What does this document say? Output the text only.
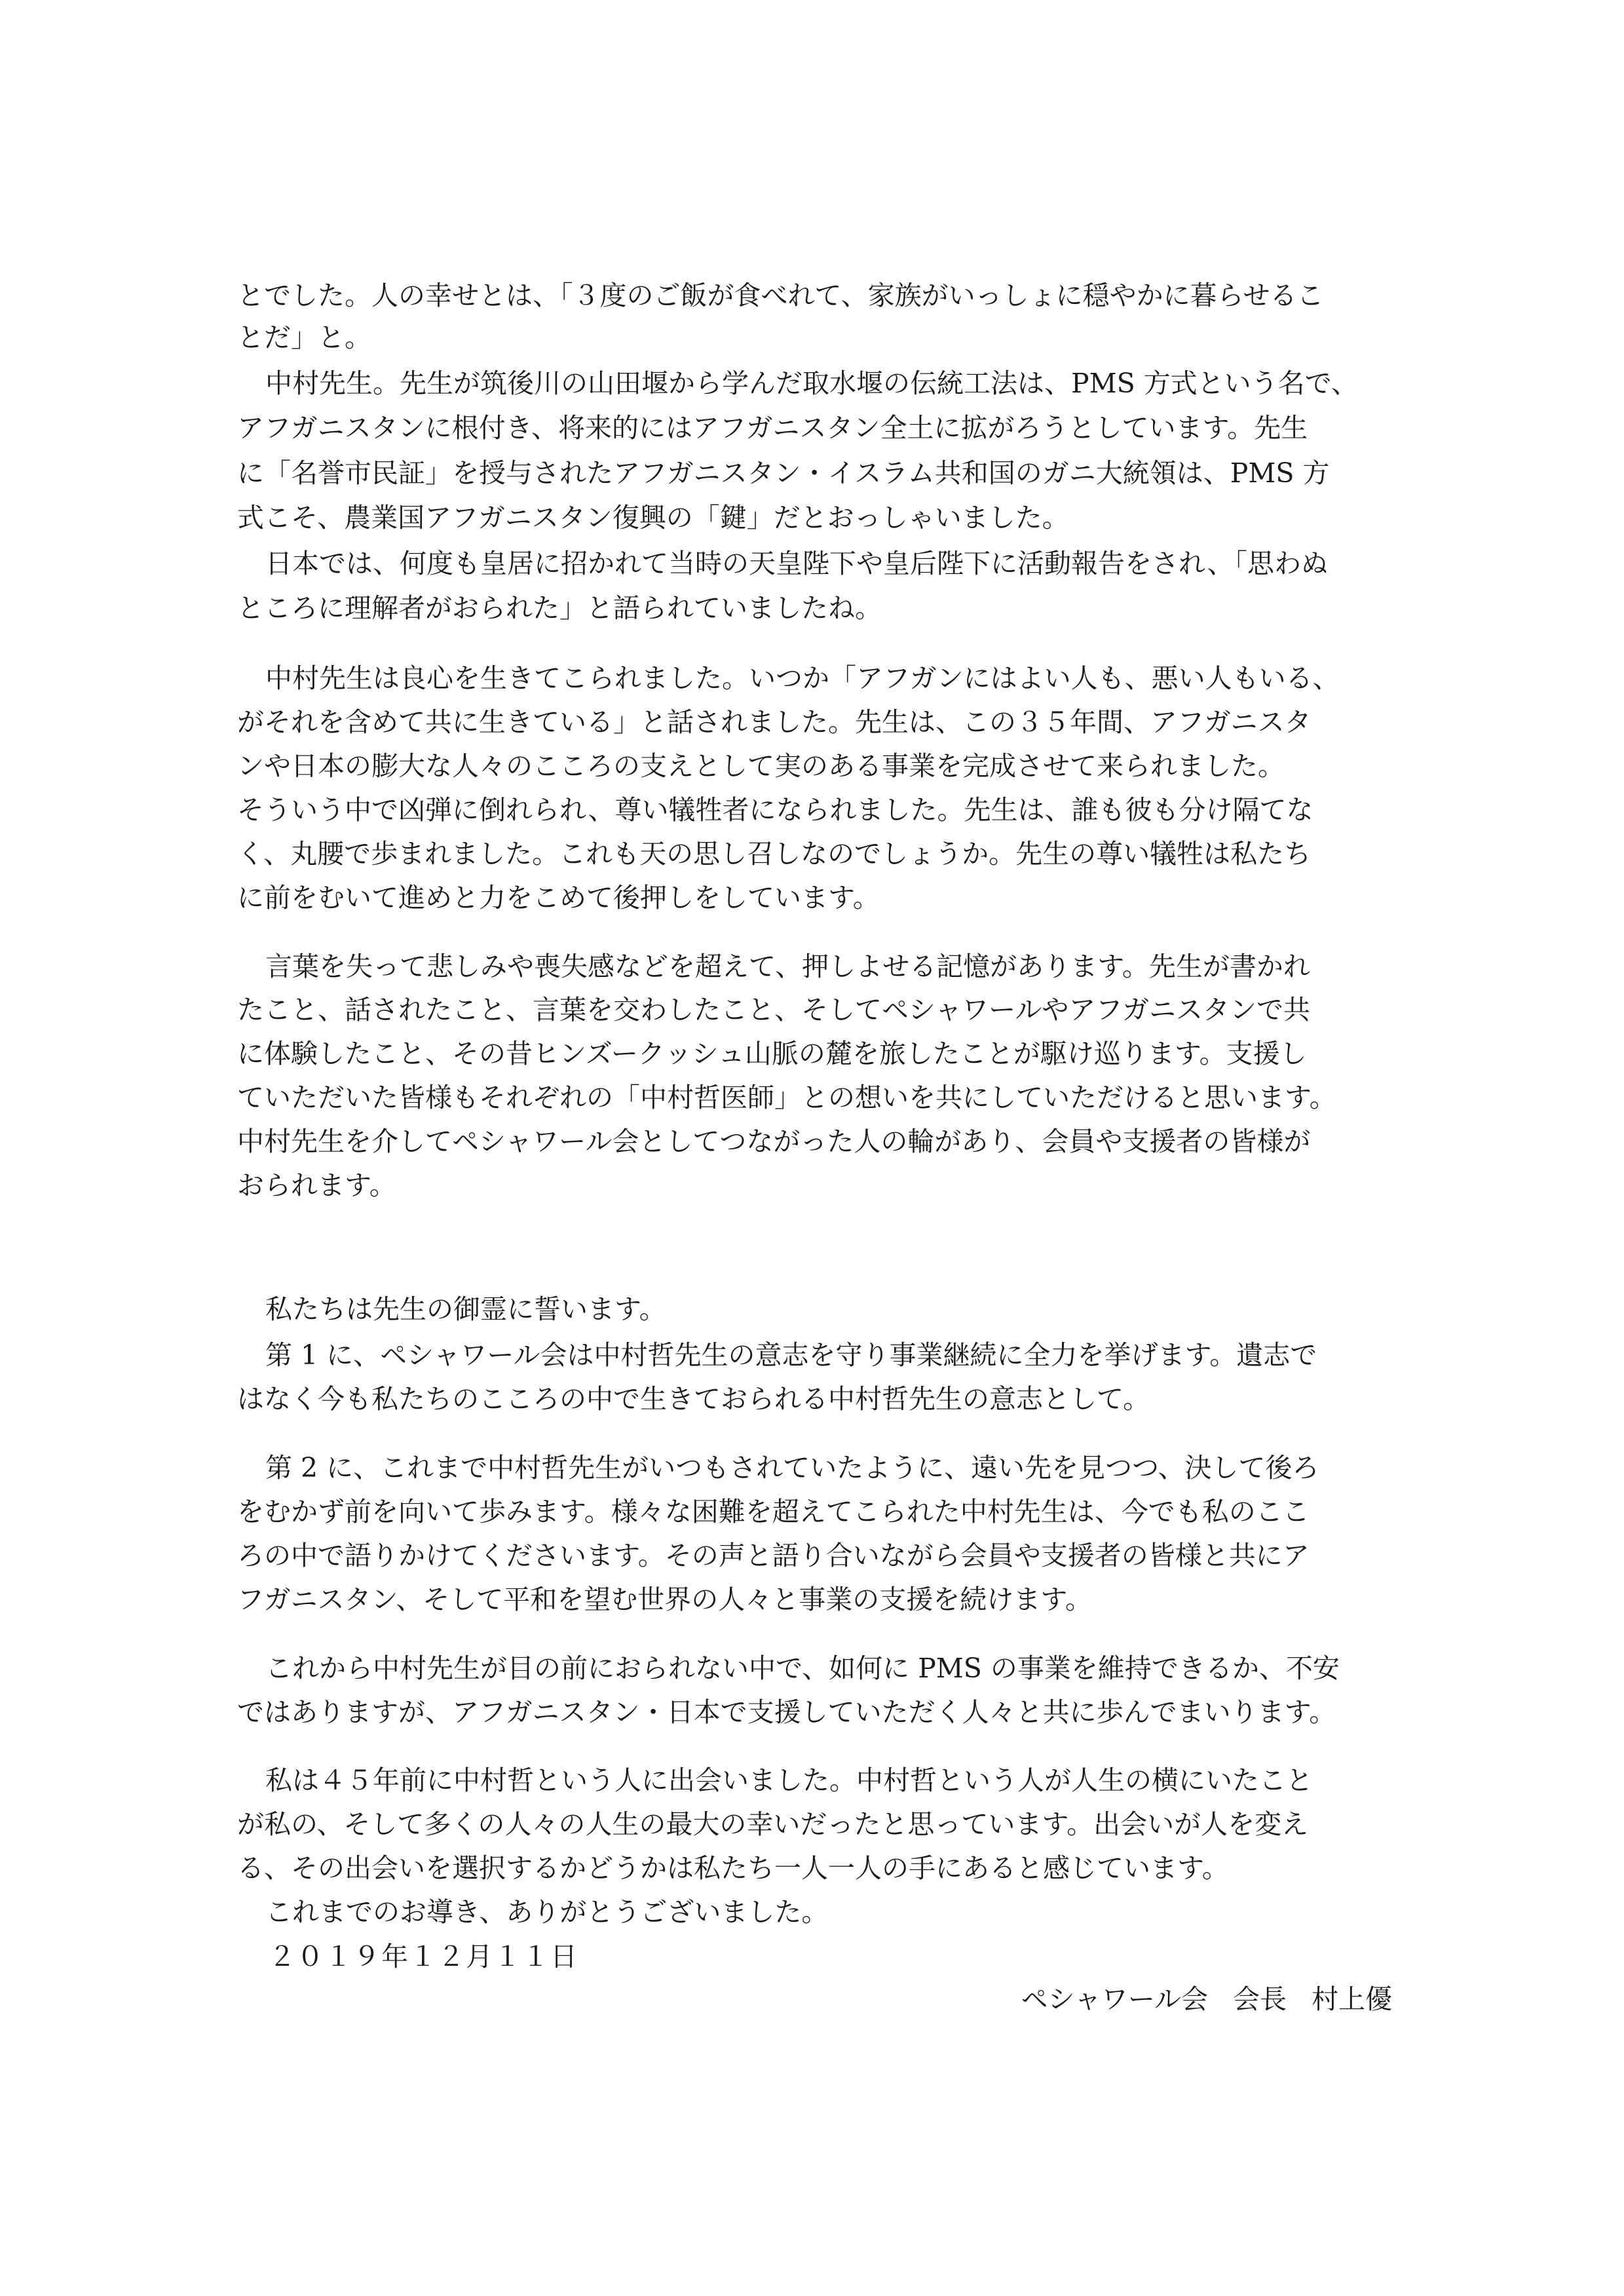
とでした。人の幸せとは、「３度のご飯が食べれて、家族がいっしょに穏やかに暮らせるこ
とだ」と。
中村先生。先生が筑後川の山田堰から学んだ取水堰の伝統工法は、PMS 方式という名で、
アフガニスタンに根付き、将来的にはアフガニスタン全土に拡がろうとしています。先生
に「名誉市民証」を授与されたアフガニスタン・イスラム共和国のガニ大統領は、PMS 方
式こそ、農業国アフガニスタン復興の「鍵」だとおっしゃいました。
日本では、何度も皇居に招かれて当時の天皇陛下や皇后陛下に活動報告をされ、「思わぬ
ところに理解者がおられた」と語られていましたね。
中村先生は良心を生きてこられました。いつか「アフガンにはよい人も、悪い人もいる、
がそれを含めて共に生きている」と話されました。先生は、この３５年間、アフガニスタ
ンや日本の膨大な人々のこころの支えとして実のある事業を完成させて来られました。
そういう中で凶弾に倒れられ、尊い犠牲者になられました。先生は、誰も彼も分け隔てな
く、丸腰で歩まれました。これも天の思し召しなのでしょうか。先生の尊い犠牲は私たち
に前をむいて進めと力をこめて後押しをしています。
言葉を失って悲しみや喪失感などを超えて、押しよせる記憶があります。先生が書かれ
たこと、話されたこと、言葉を交わしたこと、そしてペシャワールやアフガニスタンで共
に体験したこと、その昔ヒンズークッシュ山脈の麓を旅したことが駆け巡ります。支援し
ていただいた皆様もそれぞれの「中村哲医師」との想いを共にしていただけると思います。
中村先生を介してペシャワール会としてつながった人の輪があり、会員や支援者の皆様が
おられます。
私たちは先生の御霊に誓います。
第 1 に、ペシャワール会は中村哲先生の意志を守り事業継続に全力を挙げます。遺志で
はなく今も私たちのこころの中で生きておられる中村哲先生の意志として。
第 2 に、これまで中村哲先生がいつもされていたように、遠い先を見つつ、決して後ろ
をむかず前を向いて歩みます。様々な困難を超えてこられた中村先生は、今でも私のここ
ろの中で語りかけてくださいます。その声と語り合いながら会員や支援者の皆様と共にア
フガニスタン、そして平和を望む世界の人々と事業の支援を続けます。
これから中村先生が目の前におられない中で、如何に PMS の事業を維持できるか、不安
ではありますが、アフガニスタン・日本で支援していただく人々と共に歩んでまいります。
私は４５年前に中村哲という人に出会いました。中村哲という人が人生の横にいたこと
が私の、そして多くの人々の人生の最大の幸いだったと思っています。出会いが人を変え
る、その出会いを選択するかどうかは私たち一人一人の手にあると感じています。
これまでのお導き、ありがとうございました。
２０１９年１２月１１日
ペシャワール会 会長 村上優
